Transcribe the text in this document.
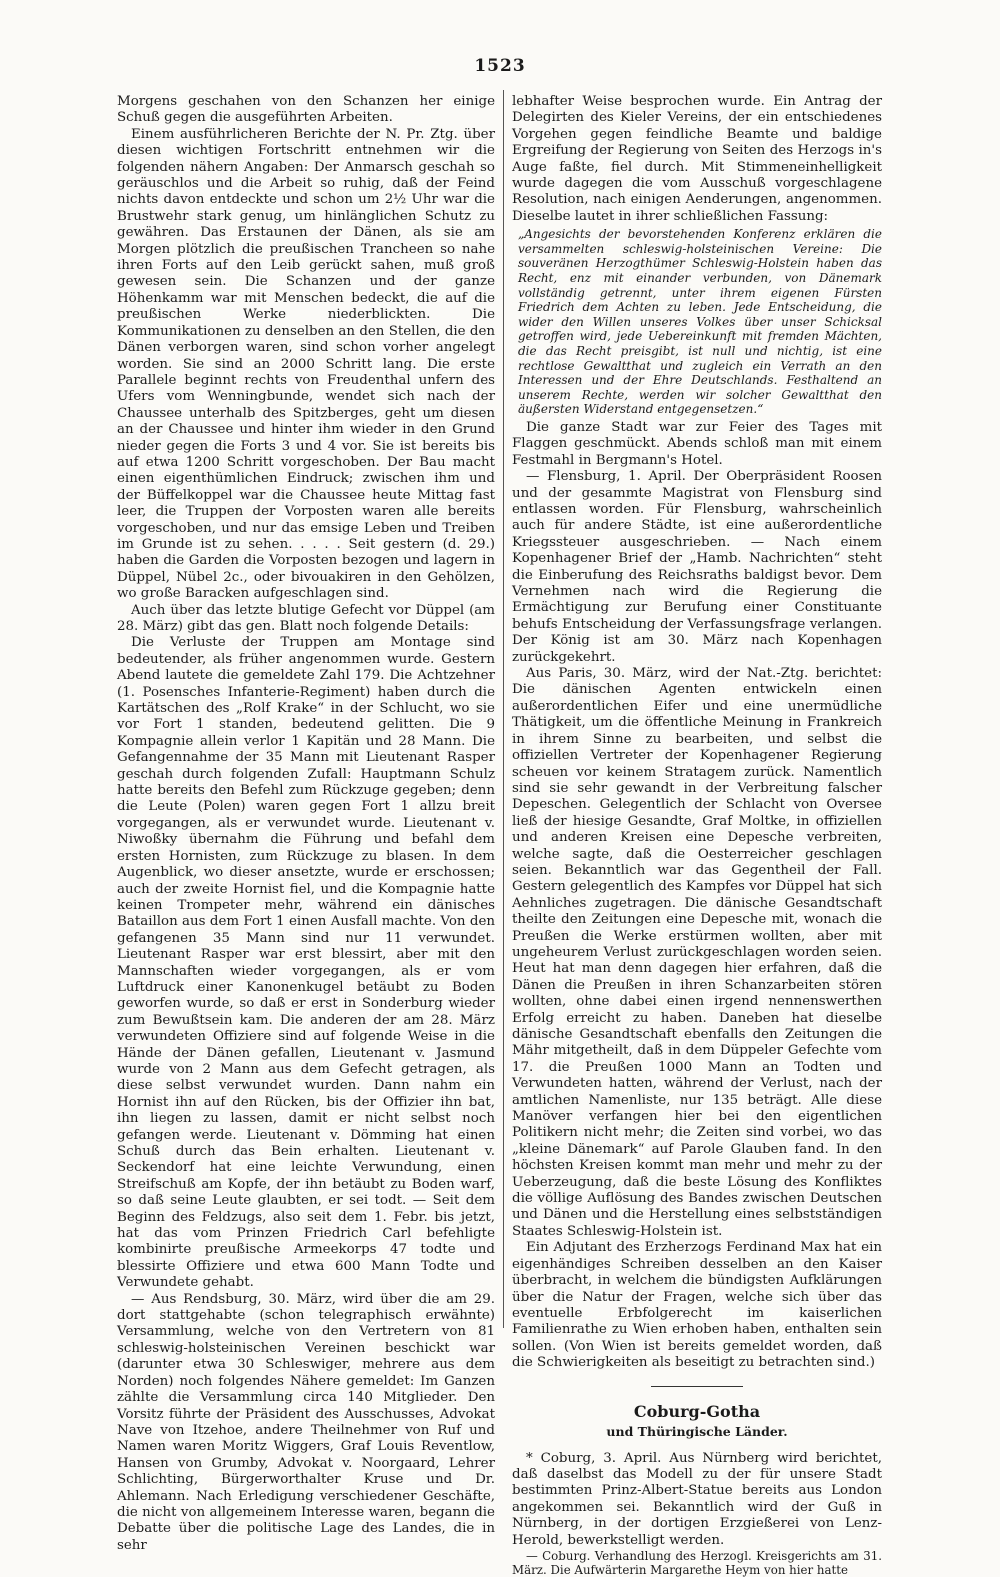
1523

Morgens geschahen von den Schanzen her einige Schuß gegen die ausgeführten Arbeiten.

Einem ausführlicheren Berichte der N. Pr. Ztg. über diesen wichtigen Fortschritt entnehmen wir die folgenden nähern Angaben: Der Anmarsch geschah so geräuschlos und die Arbeit so ruhig, daß der Feind nichts davon entdeckte und schon um 2½ Uhr war die Brustwehr stark genug, um hinlänglichen Schutz zu gewähren. Das Erstaunen der Dänen, als sie am Morgen plötzlich die preußischen Trancheen so nahe ihren Forts auf den Leib gerückt sahen, muß groß gewesen sein. Die Schanzen und der ganze Höhenkamm war mit Menschen bedeckt, die auf die preußischen Werke niederblickten. Die Kommunikationen zu denselben an den Stellen, die den Dänen verborgen waren, sind schon vorher angelegt worden. Sie sind an 2000 Schritt lang. Die erste Parallele beginnt rechts von Freudenthal unfern des Ufers vom Wenningbunde, wendet sich nach der Chaussee unterhalb des Spitzberges, geht um diesen an der Chaussee und hinter ihm wieder in den Grund nieder gegen die Forts 3 und 4 vor. Sie ist bereits bis auf etwa 1200 Schritt vorgeschoben. Der Bau macht einen eigenthümlichen Eindruck; zwischen ihm und der Büffelkoppel war die Chaussee heute Mittag fast leer, die Truppen der Vorposten waren alle bereits vorgeschoben, und nur das emsige Leben und Treiben im Grunde ist zu sehen. . . . . Seit gestern (d. 29.) haben die Garden die Vorposten bezogen und lagern in Düppel, Nübel 2c., oder bivouakiren in den Gehölzen, wo große Baracken aufgeschlagen sind.

Auch über das letzte blutige Gefecht vor Düppel (am 28. März) gibt das gen. Blatt noch folgende Details:

Die Verluste der Truppen am Montage sind bedeutender, als früher angenommen wurde. Gestern Abend lautete die gemeldete Zahl 179. Die Achtzehner (1. Posensches Infanterie-Regiment) haben durch die Kartätschen des „Rolf Krake“ in der Schlucht, wo sie vor Fort 1 standen, bedeutend gelitten. Die 9 Kompagnie allein verlor 1 Kapitän und 28 Mann. Die Gefangennahme der 35 Mann mit Lieutenant Rasper geschah durch folgenden Zufall: Hauptmann Schulz hatte bereits den Befehl zum Rückzuge gegeben; denn die Leute (Polen) waren gegen Fort 1 allzu breit vorgegangen, als er verwundet wurde. Lieutenant v. Niwoßky übernahm die Führung und befahl dem ersten Hornisten, zum Rückzuge zu blasen. In dem Augenblick, wo dieser ansetzte, wurde er erschossen; auch der zweite Hornist fiel, und die Kompagnie hatte keinen Trompeter mehr, während ein dänisches Bataillon aus dem Fort 1 einen Ausfall machte. Von den gefangenen 35 Mann sind nur 11 verwundet. Lieutenant Rasper war erst blessirt, aber mit den Mannschaften wieder vorgegangen, als er vom Luftdruck einer Kanonenkugel betäubt zu Boden geworfen wurde, so daß er erst in Sonderburg wieder zum Bewußtsein kam. Die anderen der am 28. März verwundeten Offiziere sind auf folgende Weise in die Hände der Dänen gefallen, Lieutenant v. Jasmund wurde von 2 Mann aus dem Gefecht getragen, als diese selbst verwundet wurden. Dann nahm ein Hornist ihn auf den Rücken, bis der Offizier ihn bat, ihn liegen zu lassen, damit er nicht selbst noch gefangen werde. Lieutenant v. Dömming hat einen Schuß durch das Bein erhalten. Lieutenant v. Seckendorf hat eine leichte Verwundung, einen Streifschuß am Kopfe, der ihn betäubt zu Boden warf, so daß seine Leute glaubten, er sei todt. — Seit dem Beginn des Feldzugs, also seit dem 1. Febr. bis jetzt, hat das vom Prinzen Friedrich Carl befehligte kombinirte preußische Armeekorps 47 todte und blessirte Offiziere und etwa 600 Mann Todte und Verwundete gehabt.

— Aus Rendsburg, 30. März, wird über die am 29. dort stattgehabte (schon telegraphisch erwähnte) Versammlung, welche von den Vertretern von 81 schleswig-holsteinischen Vereinen beschickt war (darunter etwa 30 Schleswiger, mehrere aus dem Norden) noch folgendes Nähere gemeldet: Im Ganzen zählte die Versammlung circa 140 Mitglieder. Den Vorsitz führte der Präsident des Ausschusses, Advokat Nave von Itzehoe, andere Theilnehmer von Ruf und Namen waren Moritz Wiggers, Graf Louis Reventlow, Hansen von Grumby, Advokat v. Noorgaard, Lehrer Schlichting, Bürgerworthalter Kruse und Dr. Ahlemann. Nach Erledigung verschiedener Geschäfte, die nicht von allgemeinem Interesse waren, begann die Debatte über die politische Lage des Landes, die in sehr

lebhafter Weise besprochen wurde. Ein Antrag der Delegirten des Kieler Vereins, der ein entschiedenes Vorgehen gegen feindliche Beamte und baldige Ergreifung der Regierung von Seiten des Herzogs in's Auge faßte, fiel durch. Mit Stimmeneinhelligkeit wurde dagegen die vom Ausschuß vorgeschlagene Resolution, nach einigen Aenderungen, angenommen. Dieselbe lautet in ihrer schließlichen Fassung:

„Angesichts der bevorstehenden Konferenz erklären die versammelten schleswig-holsteinischen Vereine: Die souveränen Herzogthümer Schleswig-Holstein haben das Recht, enz mit einander verbunden, von Dänemark vollständig getrennt, unter ihrem eigenen Fürsten Friedrich dem Achten zu leben. Jede Entscheidung, die wider den Willen unseres Volkes über unser Schicksal getroffen wird, jede Uebereinkunft mit fremden Mächten, die das Recht preisgibt, ist null und nichtig, ist eine rechtlose Gewaltthat und zugleich ein Verrath an den Interessen und der Ehre Deutschlands. Festhaltend an unserem Rechte, werden wir solcher Gewaltthat den äußersten Widerstand entgegensetzen.“

Die ganze Stadt war zur Feier des Tages mit Flaggen geschmückt. Abends schloß man mit einem Festmahl in Bergmann's Hotel.

— Flensburg, 1. April. Der Oberpräsident Roosen und der gesammte Magistrat von Flensburg sind entlassen worden. Für Flensburg, wahrscheinlich auch für andere Städte, ist eine außerordentliche Kriegssteuer ausgeschrieben. — Nach einem Kopenhagener Brief der „Hamb. Nachrichten“ steht die Einberufung des Reichsraths baldigst bevor. Dem Vernehmen nach wird die Regierung die Ermächtigung zur Berufung einer Constituante behufs Entscheidung der Verfassungsfrage verlangen. Der König ist am 30. März nach Kopenhagen zurückgekehrt.

Aus Paris, 30. März, wird der Nat.-Ztg. berichtet: Die dänischen Agenten entwickeln einen außerordentlichen Eifer und eine unermüdliche Thätigkeit, um die öffentliche Meinung in Frankreich in ihrem Sinne zu bearbeiten, und selbst die offiziellen Vertreter der Kopenhagener Regierung scheuen vor keinem Stratagem zurück. Namentlich sind sie sehr gewandt in der Verbreitung falscher Depeschen. Gelegentlich der Schlacht von Oversee ließ der hiesige Gesandte, Graf Moltke, in offiziellen und anderen Kreisen eine Depesche verbreiten, welche sagte, daß die Oesterreicher geschlagen seien. Bekanntlich war das Gegentheil der Fall. Gestern gelegentlich des Kampfes vor Düppel hat sich Aehnliches zugetragen. Die dänische Gesandtschaft theilte den Zeitungen eine Depesche mit, wonach die Preußen die Werke erstürmen wollten, aber mit ungeheurem Verlust zurückgeschlagen worden seien. Heut hat man denn dagegen hier erfahren, daß die Dänen die Preußen in ihren Schanzarbeiten stören wollten, ohne dabei einen irgend nennenswerthen Erfolg erreicht zu haben. Daneben hat dieselbe dänische Gesandtschaft ebenfalls den Zeitungen die Mähr mitgetheilt, daß in dem Düppeler Gefechte vom 17. die Preußen 1000 Mann an Todten und Verwundeten hatten, während der Verlust, nach der amtlichen Namenliste, nur 135 beträgt. Alle diese Manöver verfangen hier bei den eigentlichen Politikern nicht mehr; die Zeiten sind vorbei, wo das „kleine Dänemark“ auf Parole Glauben fand. In den höchsten Kreisen kommt man mehr und mehr zu der Ueberzeugung, daß die beste Lösung des Konfliktes die völlige Auflösung des Bandes zwischen Deutschen und Dänen und die Herstellung eines selbstständigen Staates Schleswig-Holstein ist.

Ein Adjutant des Erzherzogs Ferdinand Max hat ein eigenhändiges Schreiben desselben an den Kaiser überbracht, in welchem die bündigsten Aufklärungen über die Natur der Fragen, welche sich über das eventuelle Erbfolgerecht im kaiserlichen Familienrathe zu Wien erhoben haben, enthalten sein sollen. (Von Wien ist bereits gemeldet worden, daß die Schwierigkeiten als beseitigt zu betrachten sind.)

Coburg-Gotha
und Thüringische Länder.

* Coburg, 3. April. Aus Nürnberg wird berichtet, daß daselbst das Modell zu der für unsere Stadt bestimmten Prinz-Albert-Statue bereits aus London angekommen sei. Bekanntlich wird der Guß in Nürnberg, in der dortigen Erzgießerei von Lenz-Herold, bewerkstelligt werden.

— Coburg. Verhandlung des Herzogl. Kreisgerichts am 31. März. Die Aufwärterin Margarethe Heym von hier hatte
